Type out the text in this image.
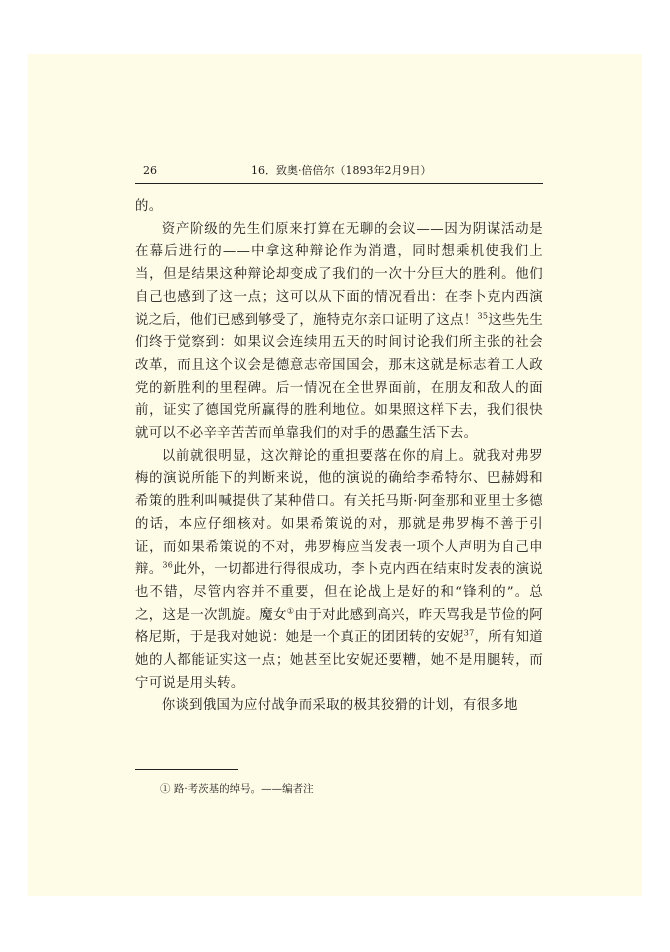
26	16．致奥·倍倍尔（1893年2月9日）

的。

资产阶级的先生们原来打算在无聊的会议——因为阴谋活动是在幕后进行的——中拿这种辩论作为消遣，同时想乘机使我们上当，但是结果这种辩论却变成了我们的一次十分巨大的胜利。他们自己也感到了这一点；这可以从下面的情况看出：在李卜克内西演说之后，他们已感到够受了，施特克尔亲口证明了这点！$^{35}$这些先生们终于觉察到：如果议会连续用五天的时间讨论我们所主张的社会改革，而且这个议会是德意志帝国国会，那末这就是标志着工人政党的新胜利的里程碑。后一情况在全世界面前，在朋友和敌人的面前，证实了德国党所赢得的胜利地位。如果照这样下去，我们很快就可以不必辛辛苦苦而单靠我们的对手的愚蠢生活下去。

以前就很明显，这次辩论的重担要落在你的肩上。就我对弗罗梅的演说所能下的判断来说，他的演说的确给李希特尔、巴赫姆和希策的胜利叫喊提供了某种借口。有关托马斯·阿奎那和亚里士多德的话，本应仔细核对。如果希策说的对，那就是弗罗梅不善于引证，而如果希策说的不对，弗罗梅应当发表一项个人声明为自己申辩。$^{36}$此外，一切都进行得很成功，李卜克内西在结束时发表的演说也不错，尽管内容并不重要，但在论战上是好的和“锋利的”。总之，这是一次凯旋。魔女①由于对此感到高兴，昨天骂我是节俭的阿格尼斯，于是我对她说：她是一个真正的团团转的安妮$^{37}$，所有知道她的人都能证实这一点；她甚至比安妮还要糟，她不是用腿转，而宁可说是用头转。

你谈到俄国为应付战争而采取的极其狡猾的计划，有很多地

① 路·考茨基的绰号。——编者注
